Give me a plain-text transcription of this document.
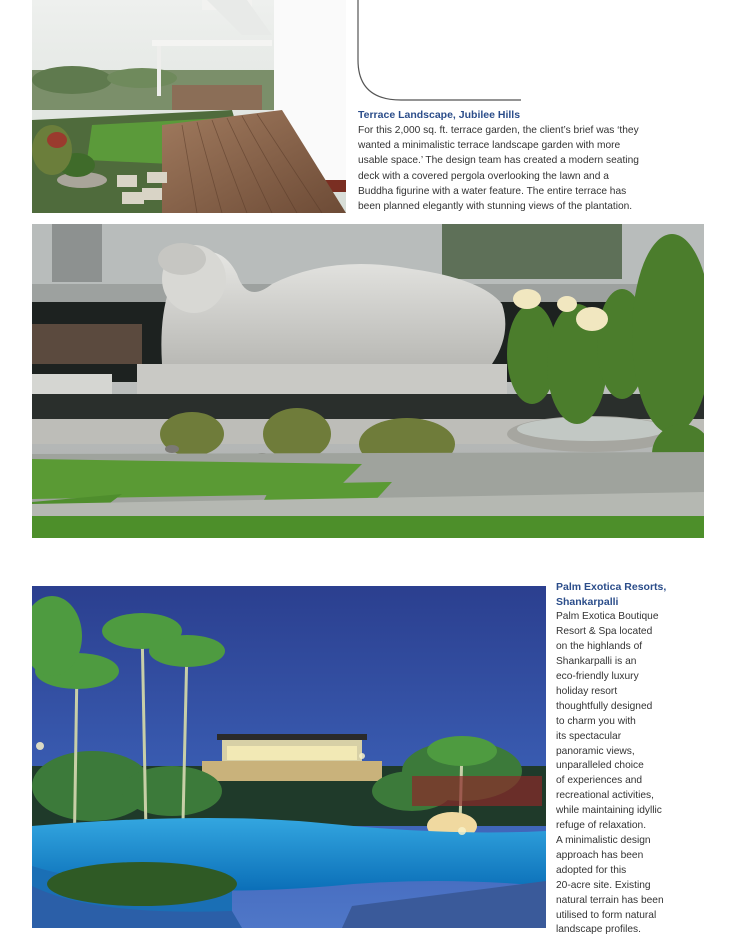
Terrace Landscape, Jubilee Hills

For this 2,000 sq. ft. terrace garden, the client’s brief was ‘they
wanted a minimalistic terrace landscape garden with more
usable space.’ The design team has created a modern seating
deck with a covered pergola overlooking the lawn and a
Buddha figurine with a water feature. The entire terrace has
been planned elegantly with stunning views of the plantation.

Palm Exotica Resorts,
Shankarpalli

Palm Exotica Boutique
Resort & Spa located
on the highlands of
Shankarpalli is an
eco-friendly luxury
holiday resort
thoughtfully designed
to charm you with
its spectacular
panoramic views,
unparalleled choice
of experiences and
recreational activities,
while maintaining idyllic
refuge of relaxation.
A minimalistic design
approach has been
adopted for this
20-acre site. Existing
natural terrain has been
utilised to form natural
landscape profiles.
